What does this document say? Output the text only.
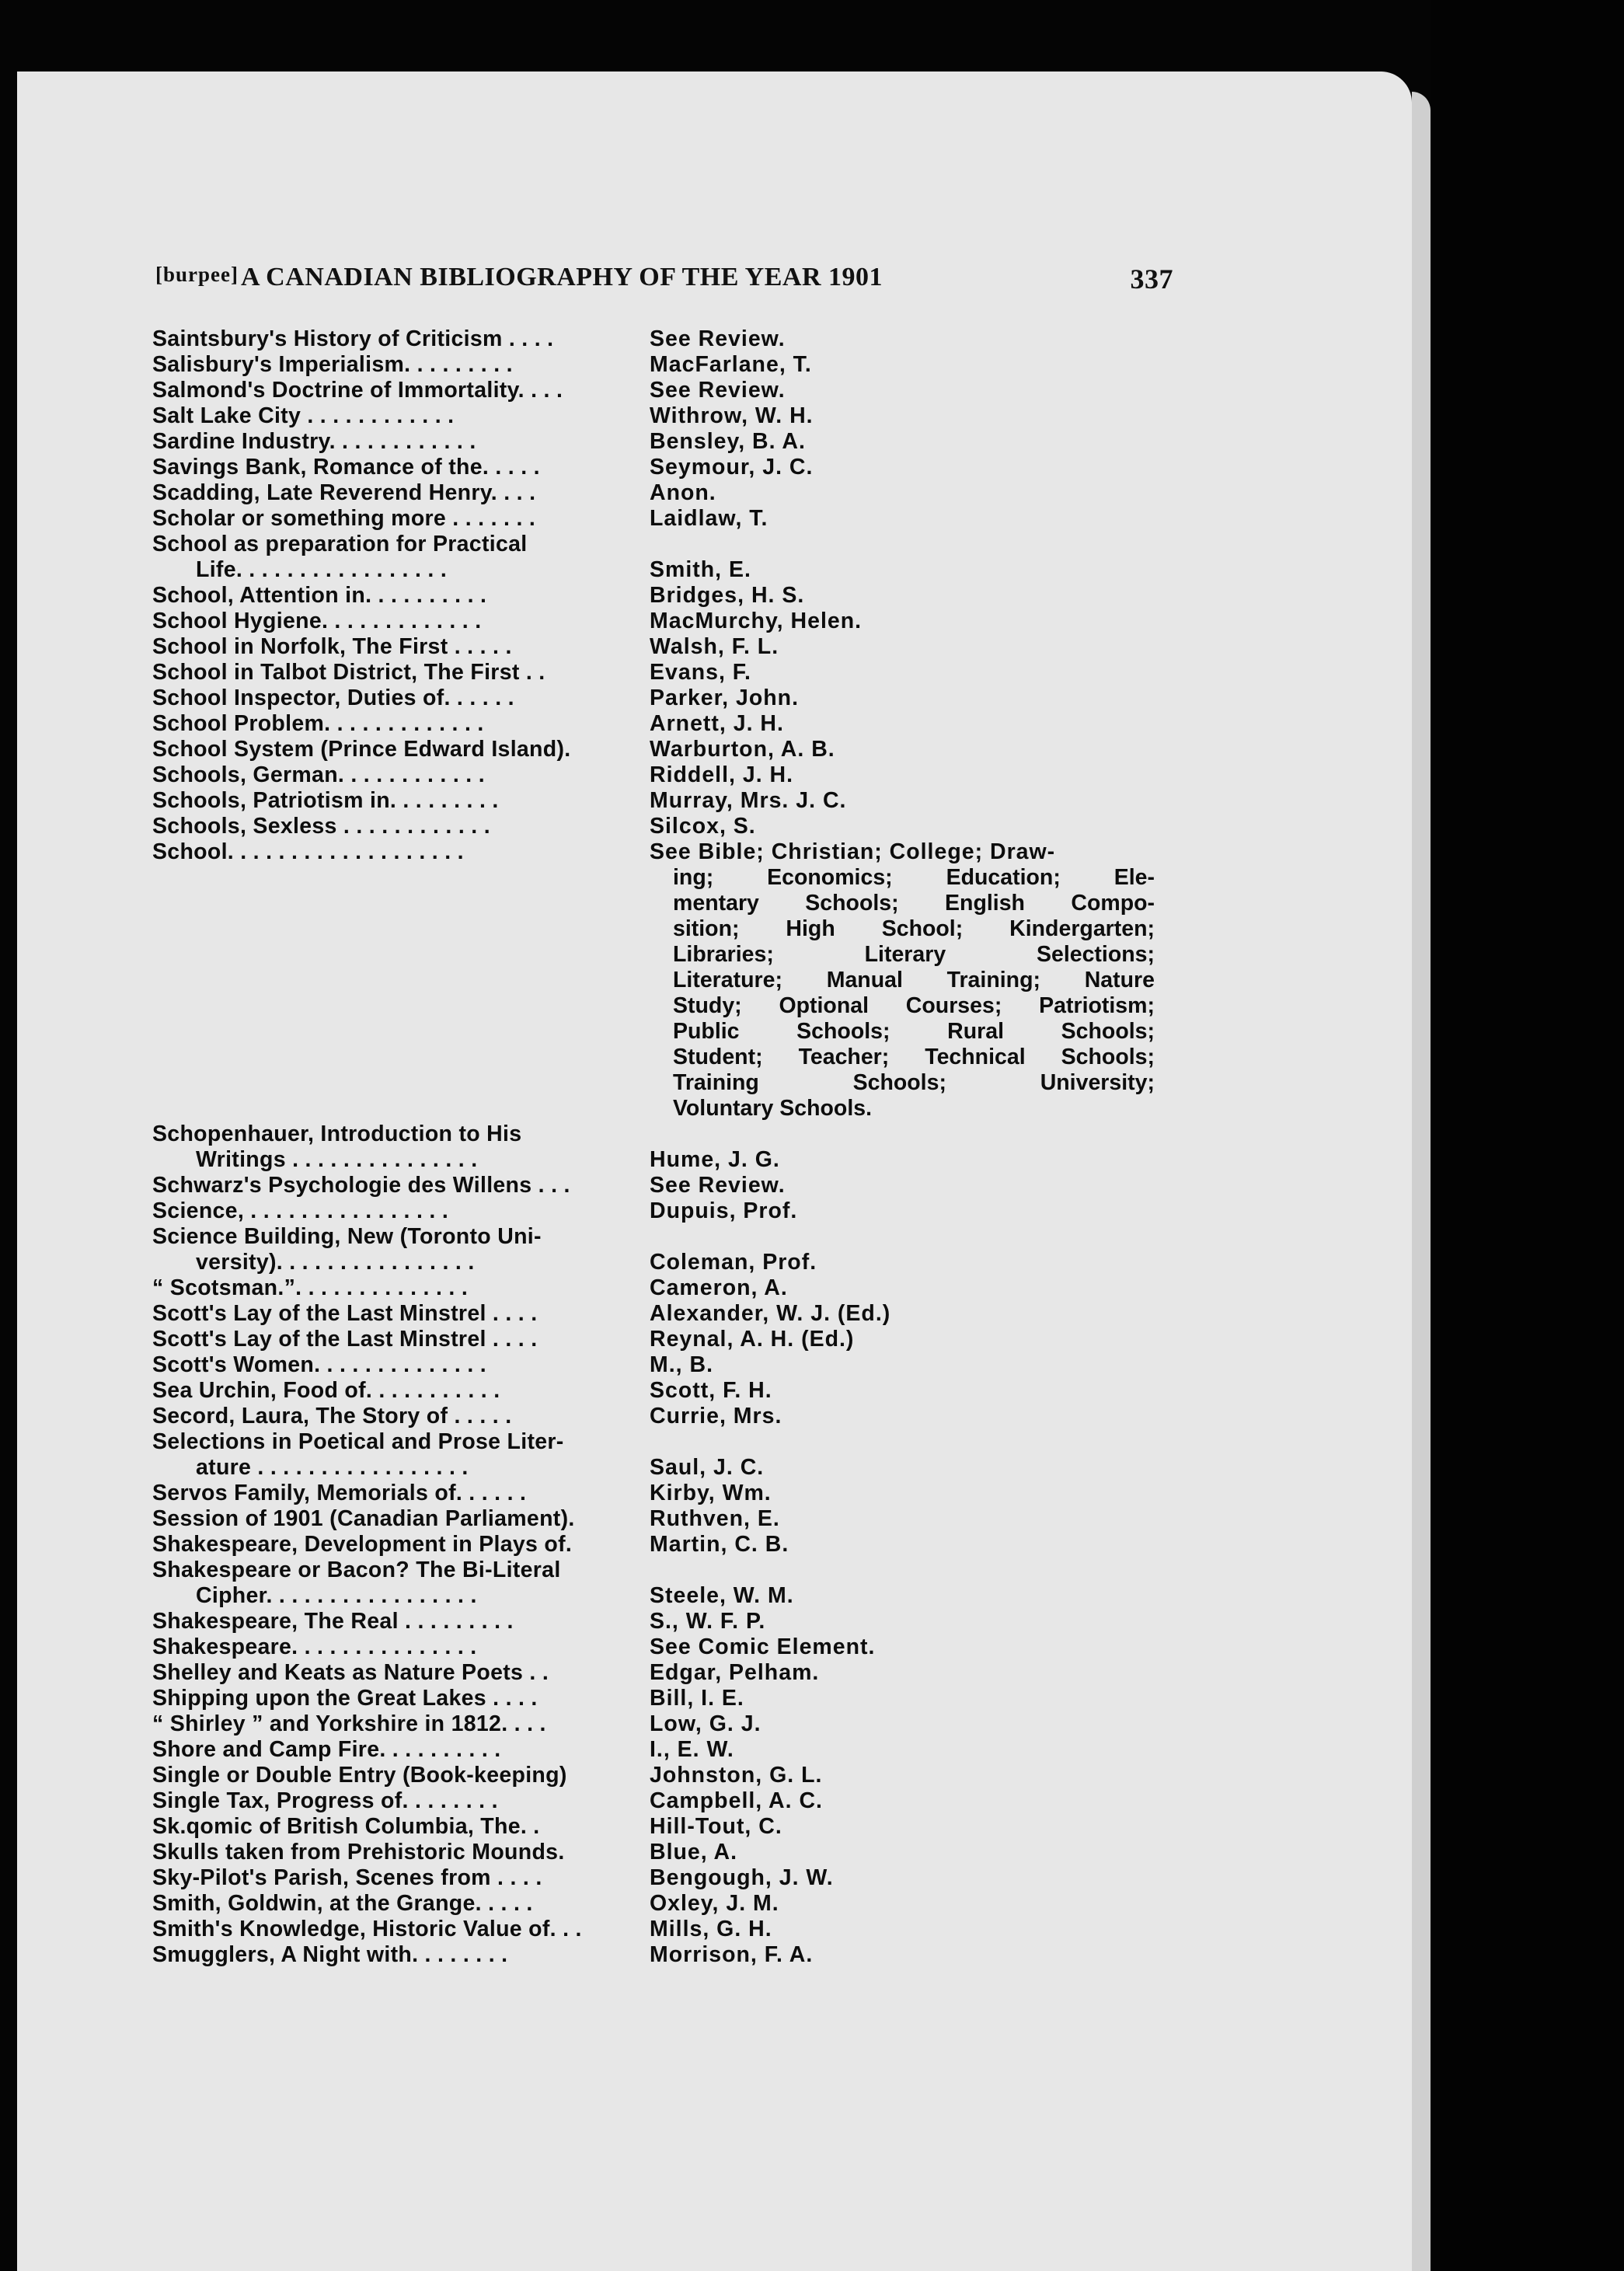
[burpee] A CANADIAN BIBLIOGRAPHY OF THE YEAR 1901	337
Saintsbury's History of Criticism . . . .	See Review.
Salisbury's Imperialism. . . . . . . . .	MacFarlane, T.
Salmond's Doctrine of Immortality. . . .	See Review.
Salt Lake City . . . . . . . . . . . .	Withrow, W. H.
Sardine Industry. . . . . . . . . . . .	Bensley, B. A.
Savings Bank, Romance of the. . . . .	Seymour, J. C.
Scadding, Late Reverend Henry. . . .	Anon.
Scholar or something more . . . . . . .	Laidlaw, T.
School as preparation for Practical
Life. . . . . . . . . . . . . . . . .	Smith, E.
School, Attention in. . . . . . . . . .	Bridges, H. S.
School Hygiene. . . . . . . . . . . . .	MacMurchy, Helen.
School in Norfolk, The First . . . . .	Walsh, F. L.
School in Talbot District, The First . .	Evans, F.
School Inspector, Duties of. . . . . .	Parker, John.
School Problem. . . . . . . . . . . . .	Arnett, J. H.
School System (Prince Edward Island).	Warburton, A. B.
Schools, German. . . . . . . . . . . .	Riddell, J. H.
Schools, Patriotism in. . . . . . . . .	Murray, Mrs. J. C.
Schools, Sexless . . . . . . . . . . . .	Silcox, S.
School. . . . . . . . . . . . . . . . . . .	See Bible; Christian; College; Draw-
ing; Economics; Education; Ele-
mentary Schools; English Compo-
sition; High School; Kindergarten;
Libraries; Literary Selections;
Literature; Manual Training; Nature
Study; Optional Courses; Patriotism;
Public Schools; Rural Schools;
Student; Teacher; Technical Schools;
Training Schools; University;
Voluntary Schools.
Schopenhauer, Introduction to His
Writings . . . . . . . . . . . . . . .	Hume, J. G.
Schwarz's Psychologie des Willens . . .	See Review.
Science, . . . . . . . . . . . . . . . .	Dupuis, Prof.
Science Building, New (Toronto Uni-
versity). . . . . . . . . . . . . . . .	Coleman, Prof.
“ Scotsman.”. . . . . . . . . . . . . .	Cameron, A.
Scott's Lay of the Last Minstrel . . . .	Alexander, W. J. (Ed.)
Scott's Lay of the Last Minstrel . . . .	Reynal, A. H. (Ed.)
Scott's Women. . . . . . . . . . . . . .	M., B.
Sea Urchin, Food of. . . . . . . . . . .	Scott, F. H.
Secord, Laura, The Story of . . . . .	Currie, Mrs.
Selections in Poetical and Prose Liter-
ature . . . . . . . . . . . . . . . . .	Saul, J. C.
Servos Family, Memorials of. . . . . .	Kirby, Wm.
Session of 1901 (Canadian Parliament).	Ruthven, E.
Shakespeare, Development in Plays of.	Martin, C. B.
Shakespeare or Bacon? The Bi-Literal
Cipher. . . . . . . . . . . . . . . . .	Steele, W. M.
Shakespeare, The Real . . . . . . . . .	S., W. F. P.
Shakespeare. . . . . . . . . . . . . . .	See Comic Element.
Shelley and Keats as Nature Poets . .	Edgar, Pelham.
Shipping upon the Great Lakes . . . .	Bill, I. E.
“ Shirley ” and Yorkshire in 1812. . . .	Low, G. J.
Shore and Camp Fire. . . . . . . . . .	I., E. W.
Single or Double Entry (Book-keeping)	Johnston, G. L.
Single Tax, Progress of. . . . . . . .	Campbell, A. C.
Sk.qomic of British Columbia, The. .	Hill-Tout, C.
Skulls taken from Prehistoric Mounds.	Blue, A.
Sky-Pilot's Parish, Scenes from . . . .	Bengough, J. W.
Smith, Goldwin, at the Grange. . . . .	Oxley, J. M.
Smith's Knowledge, Historic Value of. . .	Mills, G. H.
Smugglers, A Night with. . . . . . . .	Morrison, F. A.
